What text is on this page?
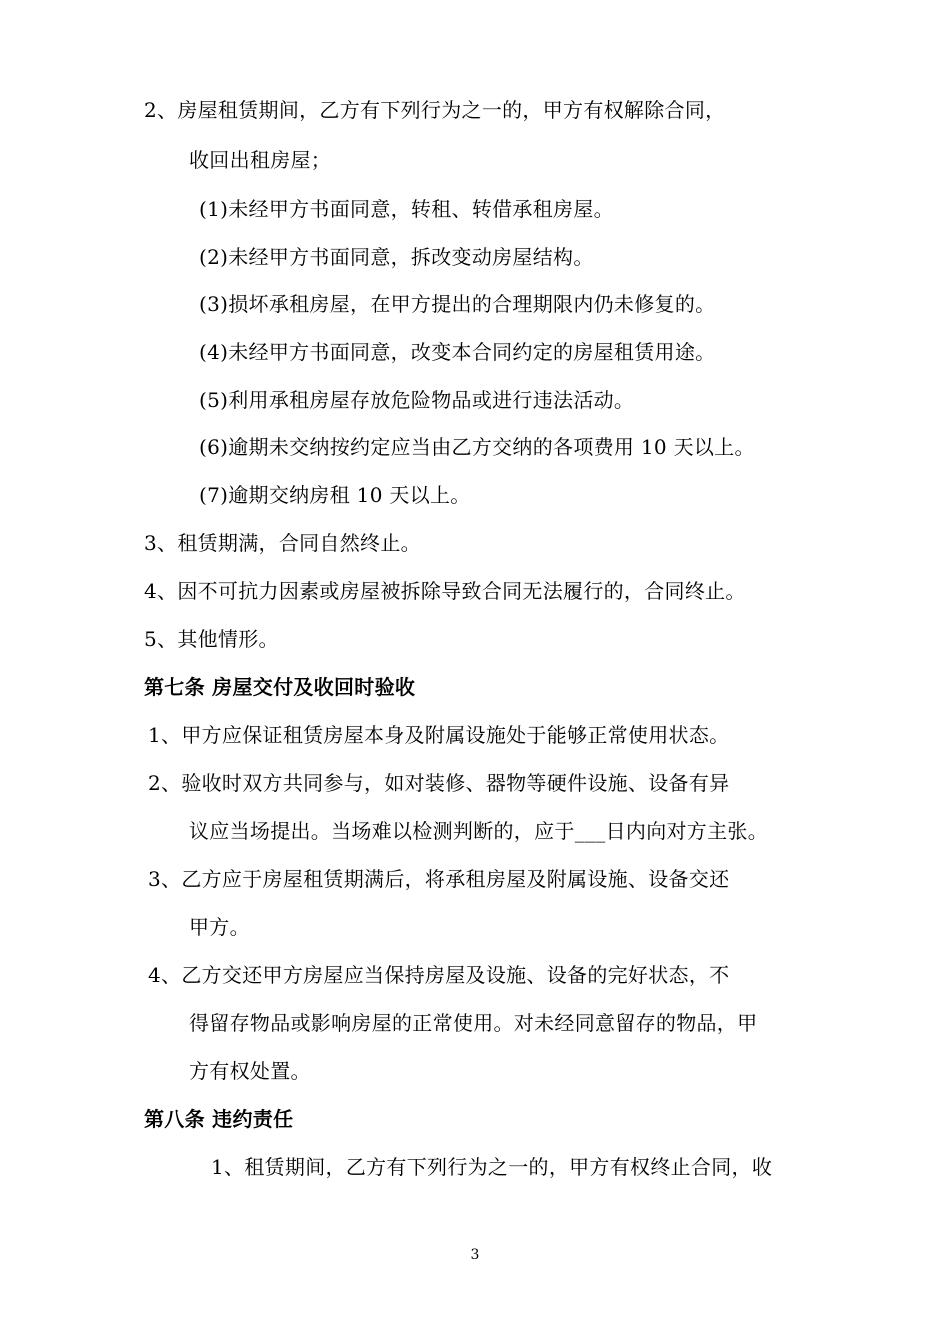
2、房屋租赁期间，乙方有下列行为之一的，甲方有权解除合同，
收回出租房屋；
(1)未经甲方书面同意，转租、转借承租房屋。
(2)未经甲方书面同意，拆改变动房屋结构。
(3)损坏承租房屋，在甲方提出的合理期限内仍未修复的。
(4)未经甲方书面同意，改变本合同约定的房屋租赁用途。
(5)利用承租房屋存放危险物品或进行违法活动。
(6)逾期未交纳按约定应当由乙方交纳的各项费用 10 天以上。
(7)逾期交纳房租 10 天以上。
3、租赁期满，合同自然终止。
4、因不可抗力因素或房屋被拆除导致合同无法履行的，合同终止。
5、其他情形。
第七条 房屋交付及收回时验收
1、甲方应保证租赁房屋本身及附属设施处于能够正常使用状态。
2、验收时双方共同参与，如对装修、器物等硬件设施、设备有异
议应当场提出。当场难以检测判断的，应于___日内向对方主张。
3、乙方应于房屋租赁期满后，将承租房屋及附属设施、设备交还
甲方。
4、乙方交还甲方房屋应当保持房屋及设施、设备的完好状态，不
得留存物品或影响房屋的正常使用。对未经同意留存的物品，甲
方有权处置。
第八条 违约责任
1、租赁期间，乙方有下列行为之一的，甲方有权终止合同，收
3
